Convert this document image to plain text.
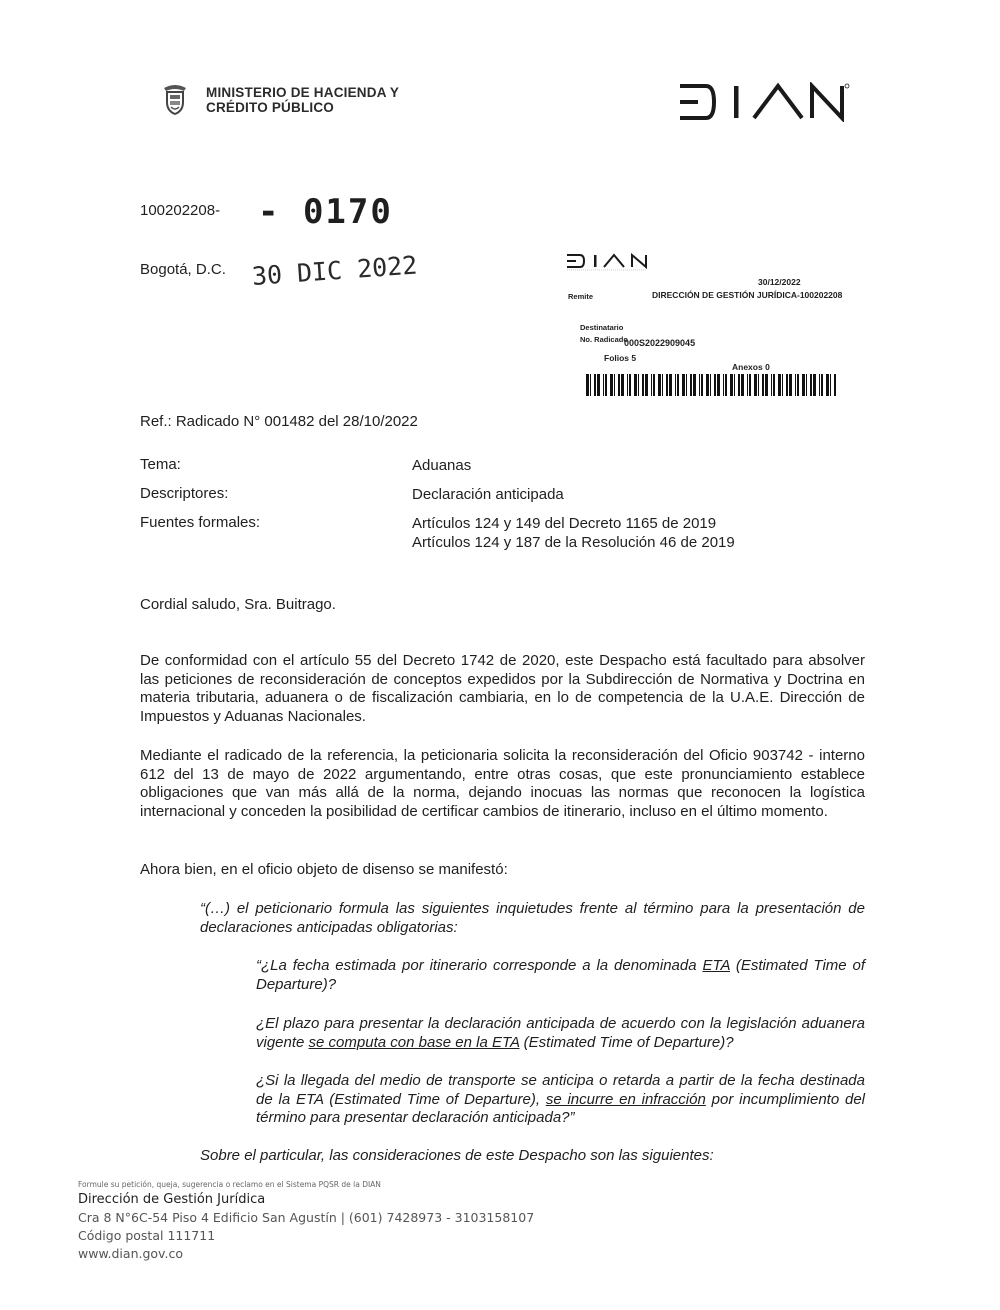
MINISTERIO DE HACIENDA Y
CRÉDITO PÚBLICO
100202208- - 0170
Bogotá, D.C. 30 DIC 2022	30/12/2022
Remite	DIRECCIÓN DE GESTIÓN JURÍDICA-100202208
Destinatario
No. Radicado
000S2022909045
Folios 5
Anexos 0
Ref.: Radicado N° 001482 del 28/10/2022
Tema:	Aduanas
Descriptores:	Declaración anticipada
Fuentes formales:	Artículos 124 y 149 del Decreto 1165 de 2019
Artículos 124 y 187 de la Resolución 46 de 2019
Cordial saludo, Sra. Buitrago.
De conformidad con el artículo 55 del Decreto 1742 de 2020, este Despacho está facultado para absolver las peticiones de reconsideración de conceptos expedidos por la Subdirección de Normativa y Doctrina en materia tributaria, aduanera o de fiscalización cambiaria, en lo de competencia de la U.A.E. Dirección de Impuestos y Aduanas Nacionales.
Mediante el radicado de la referencia, la peticionaria solicita la reconsideración del Oficio 903742 - interno 612 del 13 de mayo de 2022 argumentando, entre otras cosas, que este pronunciamiento establece obligaciones que van más allá de la norma, dejando inocuas las normas que reconocen la logística internacional y conceden la posibilidad de certificar cambios de itinerario, incluso en el último momento.
Ahora bien, en el oficio objeto de disenso se manifestó:
“(…) el peticionario formula las siguientes inquietudes frente al término para la presentación de declaraciones anticipadas obligatorias:
“¿La fecha estimada por itinerario corresponde a la denominada ETA (Estimated Time of Departure)?
¿El plazo para presentar la declaración anticipada de acuerdo con la legislación aduanera vigente se computa con base en la ETA (Estimated Time of Departure)?
¿Si la llegada del medio de transporte se anticipa o retarda a partir de la fecha destinada de la ETA (Estimated Time of Departure), se incurre en infracción por incumplimiento del término para presentar declaración anticipada?”
Sobre el particular, las consideraciones de este Despacho son las siguientes:
Formule su petición, queja, sugerencia o reclamo en el Sistema PQSR de la DIAN
Dirección de Gestión Jurídica
Cra 8 N°6C-54 Piso 4 Edificio San Agustín | (601) 7428973 - 3103158107
Código postal 111711
www.dian.gov.co
